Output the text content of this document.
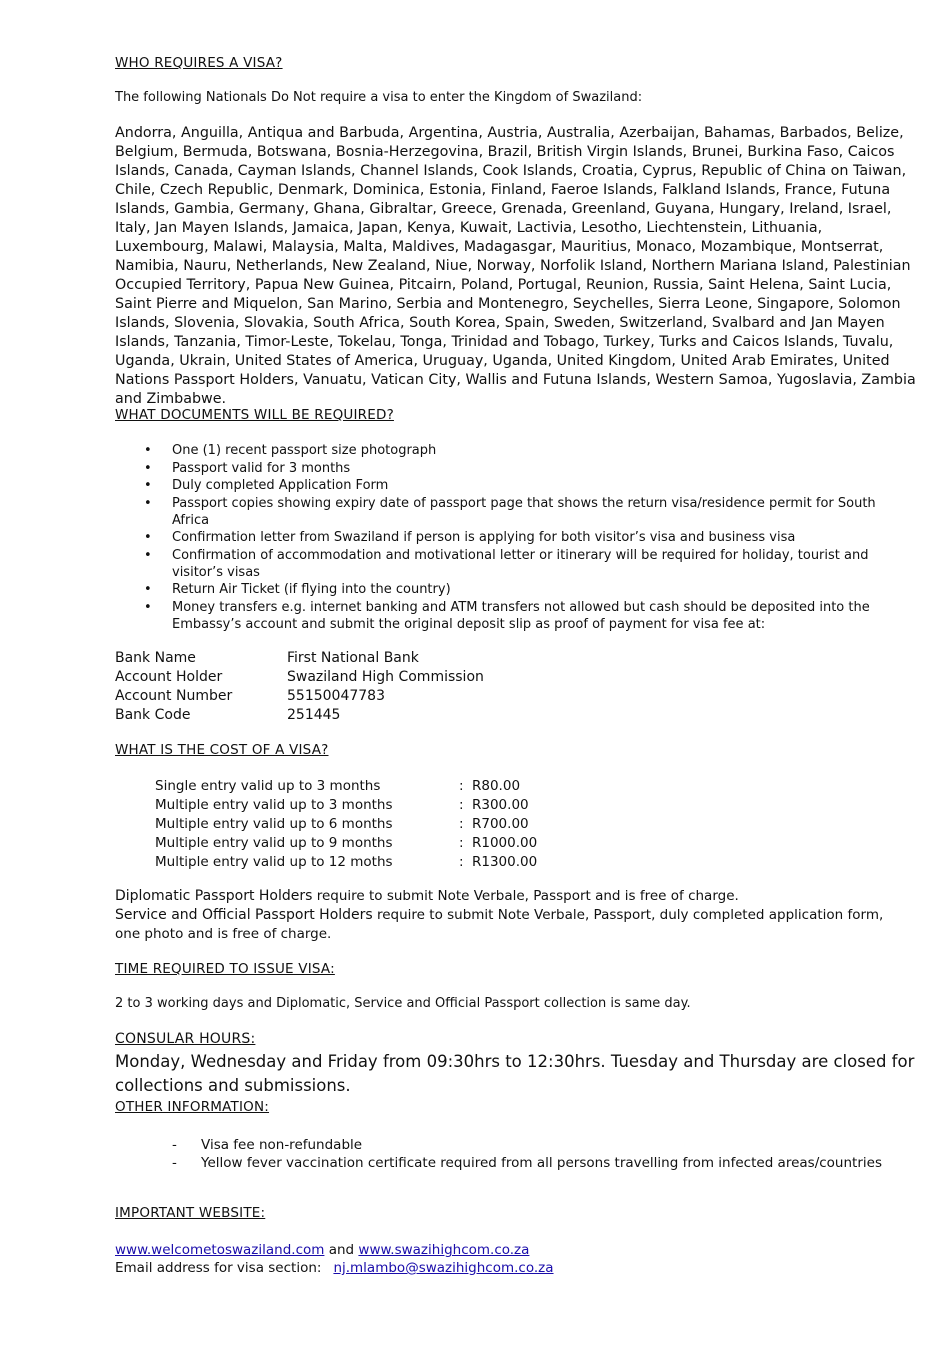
WHO REQUIRES A VISA?
The following Nationals Do Not require a visa to enter the Kingdom of Swaziland:
Andorra, Anguilla, Antiqua and Barbuda, Argentina, Austria, Australia, Azerbaijan, Bahamas, Barbados, Belize, Belgium, Bermuda, Botswana, Bosnia-Herzegovina, Brazil, British Virgin Islands, Brunei, Burkina Faso, Caicos Islands, Canada, Cayman Islands, Channel Islands, Cook Islands, Croatia, Cyprus, Republic of China on Taiwan, Chile, Czech Republic, Denmark, Dominica, Estonia, Finland, Faeroe Islands, Falkland Islands, France, Futuna Islands, Gambia, Germany, Ghana, Gibraltar, Greece, Grenada, Greenland, Guyana, Hungary, Ireland, Israel, Italy, Jan Mayen Islands, Jamaica, Japan, Kenya, Kuwait, Lactivia, Lesotho, Liechtenstein, Lithuania, Luxembourg, Malawi, Malaysia, Malta, Maldives, Madagasgar, Mauritius, Monaco, Mozambique, Montserrat, Namibia, Nauru, Netherlands, New Zealand, Niue, Norway, Norfolik Island, Northern Mariana Island, Palestinian Occupied Territory, Papua New Guinea, Pitcairn, Poland, Portugal, Reunion, Russia, Saint Helena, Saint Lucia, Saint Pierre and Miquelon, San Marino, Serbia and Montenegro, Seychelles, Sierra Leone, Singapore, Solomon Islands, Slovenia, Slovakia, South Africa, South Korea, Spain, Sweden, Switzerland, Svalbard and Jan Mayen Islands, Tanzania, Timor-Leste, Tokelau, Tonga, Trinidad and Tobago, Turkey, Turks and Caicos Islands, Tuvalu, Uganda, Ukrain, United States of America, Uruguay, Uganda, United Kingdom, United Arab Emirates, United Nations Passport Holders, Vanuatu, Vatican City, Wallis and Futuna Islands, Western Samoa, Yugoslavia, Zambia and Zimbabwe.
WHAT DOCUMENTS WILL BE REQUIRED?
• One (1) recent passport size photograph
• Passport valid for 3 months
• Duly completed Application Form
• Passport copies showing expiry date of passport page that shows the return visa/residence permit for South Africa
• Confirmation letter from Swaziland if person is applying for both visitor’s visa and business visa
• Confirmation of accommodation and motivational letter or itinerary will be required for holiday, tourist and visitor’s visas
• Return Air Ticket (if flying into the country)
• Money transfers e.g. internet banking and ATM transfers not allowed but cash should be deposited into the Embassy’s account and submit the original deposit slip as proof of payment for visa fee at:
Bank Name	First National Bank
Account Holder	Swaziland High Commission
Account Number	55150047783
Bank Code	251445
WHAT IS THE COST OF A VISA?
Single entry valid up to 3 months	:	R80.00
Multiple entry valid up to 3 months	:	R300.00
Multiple entry valid up to 6 months	:	R700.00
Multiple entry valid up to 9 months	:	R1000.00
Multiple entry valid up to 12 moths	:	R1300.00
Diplomatic Passport Holders require to submit Note Verbale, Passport and is free of charge.
Service and Official Passport Holders require to submit Note Verbale, Passport, duly completed application form, one photo and is free of charge.
TIME REQUIRED TO ISSUE VISA:
2 to 3 working days and Diplomatic, Service and Official Passport collection is same day.
CONSULAR HOURS:
Monday, Wednesday and Friday from 09:30hrs to 12:30hrs. Tuesday and Thursday are closed for collections and submissions.
OTHER INFORMATION:
- Visa fee non-refundable
- Yellow fever vaccination certificate required from all persons travelling from infected areas/countries
IMPORTANT WEBSITE:
www.welcometoswaziland.com and www.swazihighcom.co.za
Email address for visa section: nj.mlambo@swazihighcom.co.za
